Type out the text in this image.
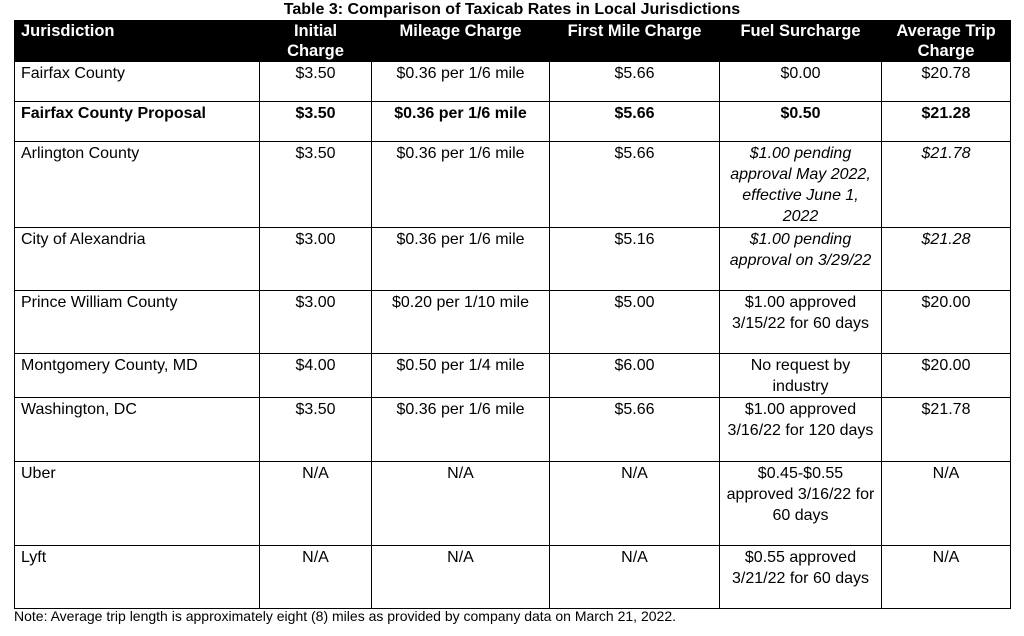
Table 3: Comparison of Taxicab Rates in Local Jurisdictions
Jurisdiction	Initial Charge	Mileage Charge	First Mile Charge	Fuel Surcharge	Average Trip Charge
Fairfax County	$3.50	$0.36 per 1/6 mile	$5.66	$0.00	$20.78
Fairfax County Proposal	$3.50	$0.36 per 1/6 mile	$5.66	$0.50	$21.28
Arlington County	$3.50	$0.36 per 1/6 mile	$5.66	$1.00 pending approval May 2022, effective June 1, 2022	$21.78
City of Alexandria	$3.00	$0.36 per 1/6 mile	$5.16	$1.00 pending approval on 3/29/22	$21.28
Prince William County	$3.00	$0.20 per 1/10 mile	$5.00	$1.00 approved 3/15/22 for 60 days	$20.00
Montgomery County, MD	$4.00	$0.50 per 1/4 mile	$6.00	No request by industry	$20.00
Washington, DC	$3.50	$0.36 per 1/6 mile	$5.66	$1.00 approved 3/16/22 for 120 days	$21.78
Uber	N/A	N/A	N/A	$0.45-$0.55 approved 3/16/22 for 60 days	N/A
Lyft	N/A	N/A	N/A	$0.55 approved 3/21/22 for 60 days	N/A
Note: Average trip length is approximately eight (8) miles as provided by company data on March 21, 2022.
